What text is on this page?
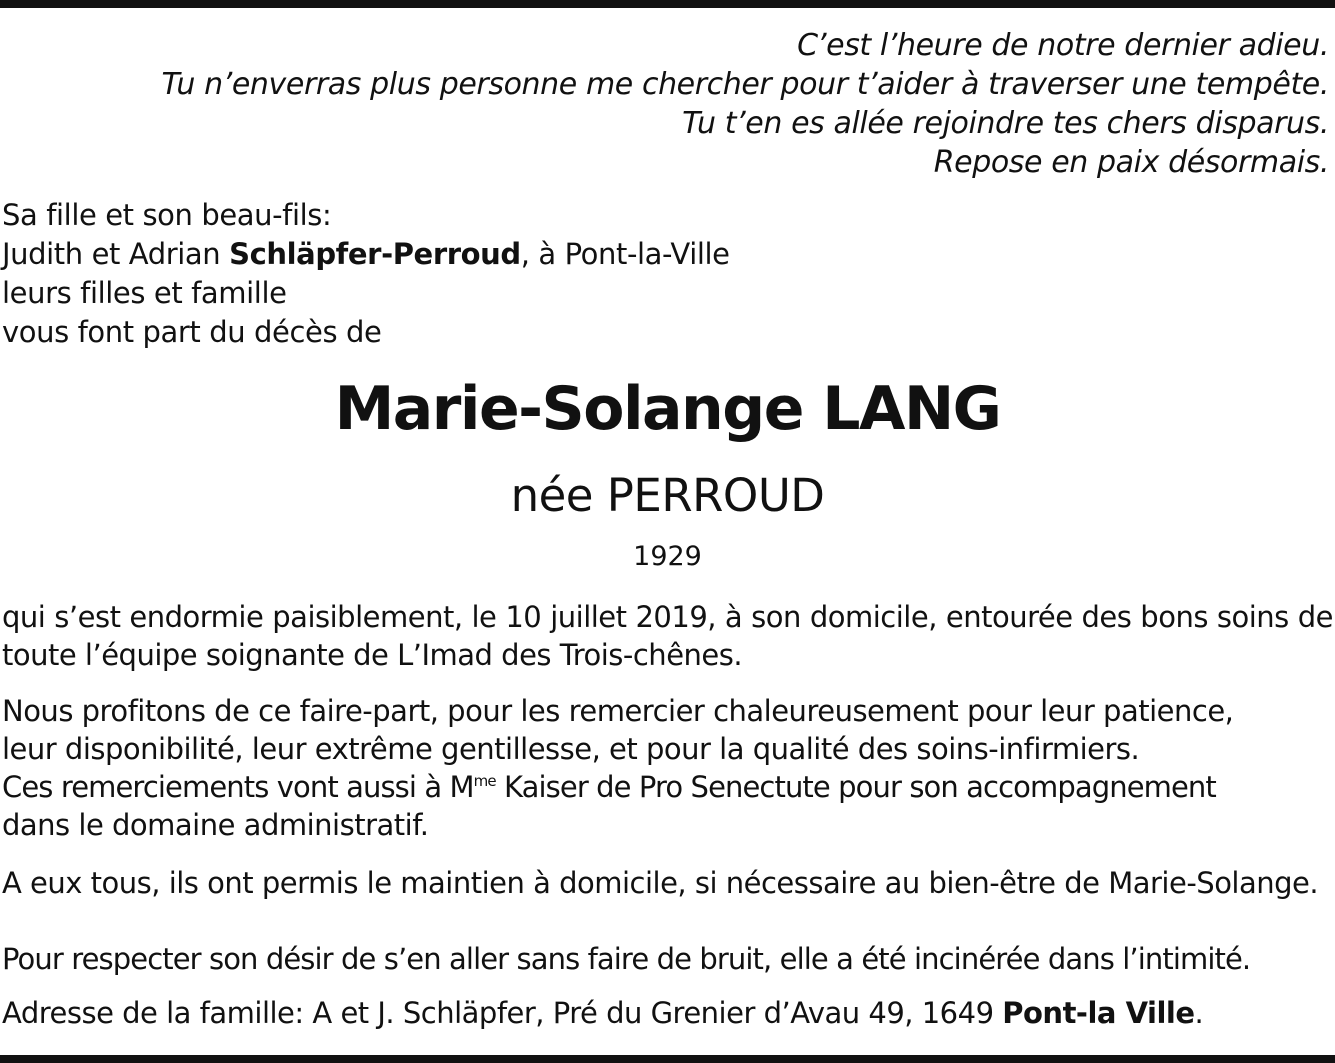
C’est l’heure de notre dernier adieu.
Tu n’enverras plus personne me chercher pour t’aider à traverser une tempête.
Tu t’en es allée rejoindre tes chers disparus.
Repose en paix désormais.
Sa fille et son beau-fils:
Judith et Adrian Schläpfer-Perroud, à Pont-la-Ville
leurs filles et famille
vous font part du décès de
Marie-Solange LANG
née PERROUD
1929
qui s’est endormie paisiblement, le 10 juillet 2019, à son domicile, entourée des bons soins de toute l’équipe soignante de L’Imad des Trois-chênes.
Nous profitons de ce faire-part, pour les remercier chaleureusement pour leur patience,
leur disponibilité, leur extrême gentillesse, et pour la qualité des soins-infirmiers.
Ces remerciements vont aussi à $M^{me}$ Kaiser de Pro Senectute pour son accompagnement
dans le domaine administratif.
A eux tous, ils ont permis le maintien à domicile, si nécessaire au bien-être de Marie-Solange.
Pour respecter son désir de s’en aller sans faire de bruit, elle a été incinérée dans l’intimité.
Adresse de la famille: A et J. Schläpfer, Pré du Grenier d’Avau 49, 1649 Pont-la Ville.
